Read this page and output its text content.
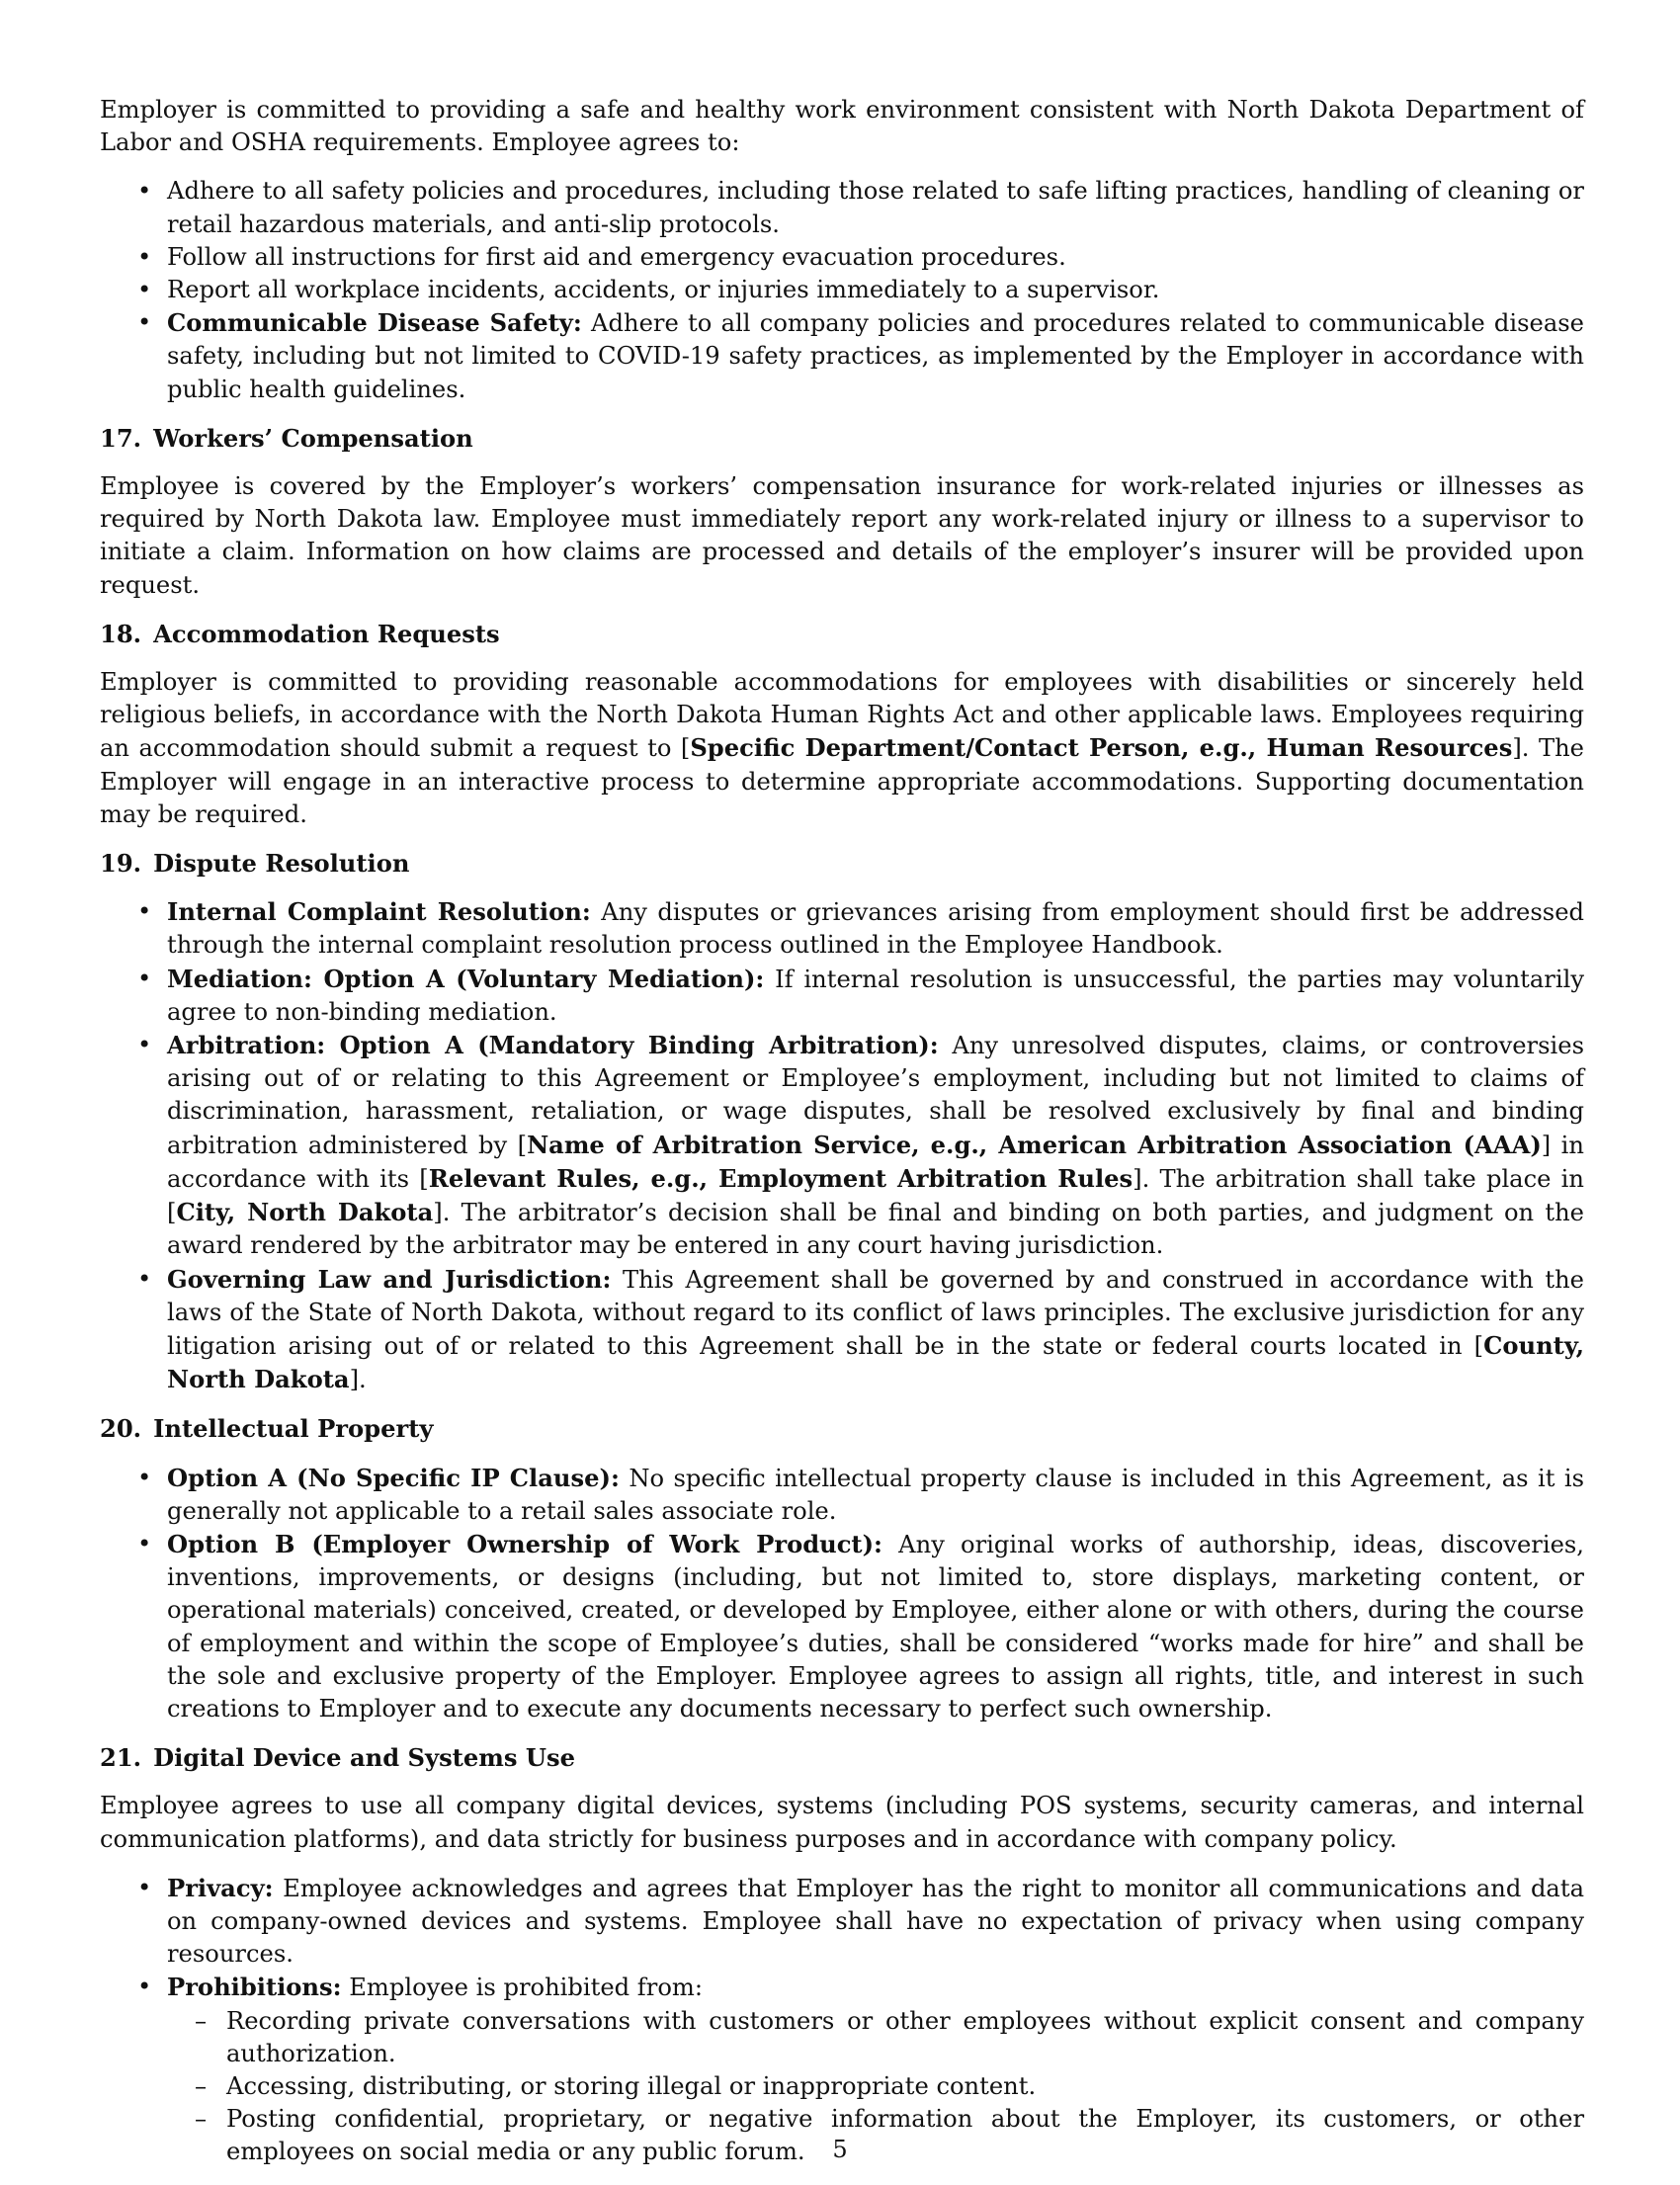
Employer is committed to providing a safe and healthy work environment consistent with North Dakota Department of Labor and OSHA requirements. Employee agrees to:

• Adhere to all safety policies and procedures, including those related to safe lifting practices, handling of cleaning or retail hazardous materials, and anti-slip protocols.
• Follow all instructions for first aid and emergency evacuation procedures.
• Report all workplace incidents, accidents, or injuries immediately to a supervisor.
• Communicable Disease Safety: Adhere to all company policies and procedures related to communicable disease safety, including but not limited to COVID-19 safety practices, as implemented by the Employer in accordance with public health guidelines.
17. Workers’ Compensation

Employee is covered by the Employer’s workers’ compensation insurance for work-related injuries or illnesses as required by North Dakota law. Employee must immediately report any work-related injury or illness to a supervisor to initiate a claim. Information on how claims are processed and details of the employer’s insurer will be provided upon request.

18. Accommodation Requests

Employer is committed to providing reasonable accommodations for employees with disabilities or sincerely held religious beliefs, in accordance with the North Dakota Human Rights Act and other applicable laws. Employees requiring an accommodation should submit a request to [Specific Department/Contact Person, e.g., Human Resources]. The Employer will engage in an interactive process to determine appropriate accommodations. Supporting documentation may be required.

19. Dispute Resolution
• Internal Complaint Resolution: Any disputes or grievances arising from employment should first be addressed through the internal complaint resolution process outlined in the Employee Handbook.
• Mediation: Option A (Voluntary Mediation): If internal resolution is unsuccessful, the parties may voluntarily agree to non-binding mediation.
• Arbitration: Option A (Mandatory Binding Arbitration): Any unresolved disputes, claims, or controversies arising out of or relating to this Agreement or Employee’s employment, including but not limited to claims of discrimination, harassment, retaliation, or wage disputes, shall be resolved exclusively by final and binding arbitration administered by [Name of Arbitration Service, e.g., American Arbitration Association (AAA)] in accordance with its [Relevant Rules, e.g., Employment Arbitration Rules]. The arbitration shall take place in [City, North Dakota]. The arbitrator’s decision shall be final and binding on both parties, and judgment on the award rendered by the arbitrator may be entered in any court having jurisdiction.
• Governing Law and Jurisdiction: This Agreement shall be governed by and construed in accordance with the laws of the State of North Dakota, without regard to its conflict of laws principles. The exclusive jurisdiction for any litigation arising out of or related to this Agreement shall be in the state or federal courts located in [County, North Dakota].
20. Intellectual Property
• Option A (No Specific IP Clause): No specific intellectual property clause is included in this Agreement, as it is generally not applicable to a retail sales associate role.
• Option B (Employer Ownership of Work Product): Any original works of authorship, ideas, discoveries, inventions, improvements, or designs (including, but not limited to, store displays, marketing content, or operational materials) conceived, created, or developed by Employee, either alone or with others, during the course of employment and within the scope of Employee’s duties, shall be considered “works made for hire” and shall be the sole and exclusive property of the Employer. Employee agrees to assign all rights, title, and interest in such creations to Employer and to execute any documents necessary to perfect such ownership.
21. Digital Device and Systems Use

Employee agrees to use all company digital devices, systems (including POS systems, security cameras, and internal communication platforms), and data strictly for business purposes and in accordance with company policy.

• Privacy: Employee acknowledges and agrees that Employer has the right to monitor all communications and data on company-owned devices and systems. Employee shall have no expectation of privacy when using company resources.
• Prohibitions: Employee is prohibited from:
– Recording private conversations with customers or other employees without explicit consent and company authorization.
– Accessing, distributing, or storing illegal or inappropriate content.
– Posting confidential, proprietary, or negative information about the Employer, its customers, or other employees on social media or any public forum.	5
